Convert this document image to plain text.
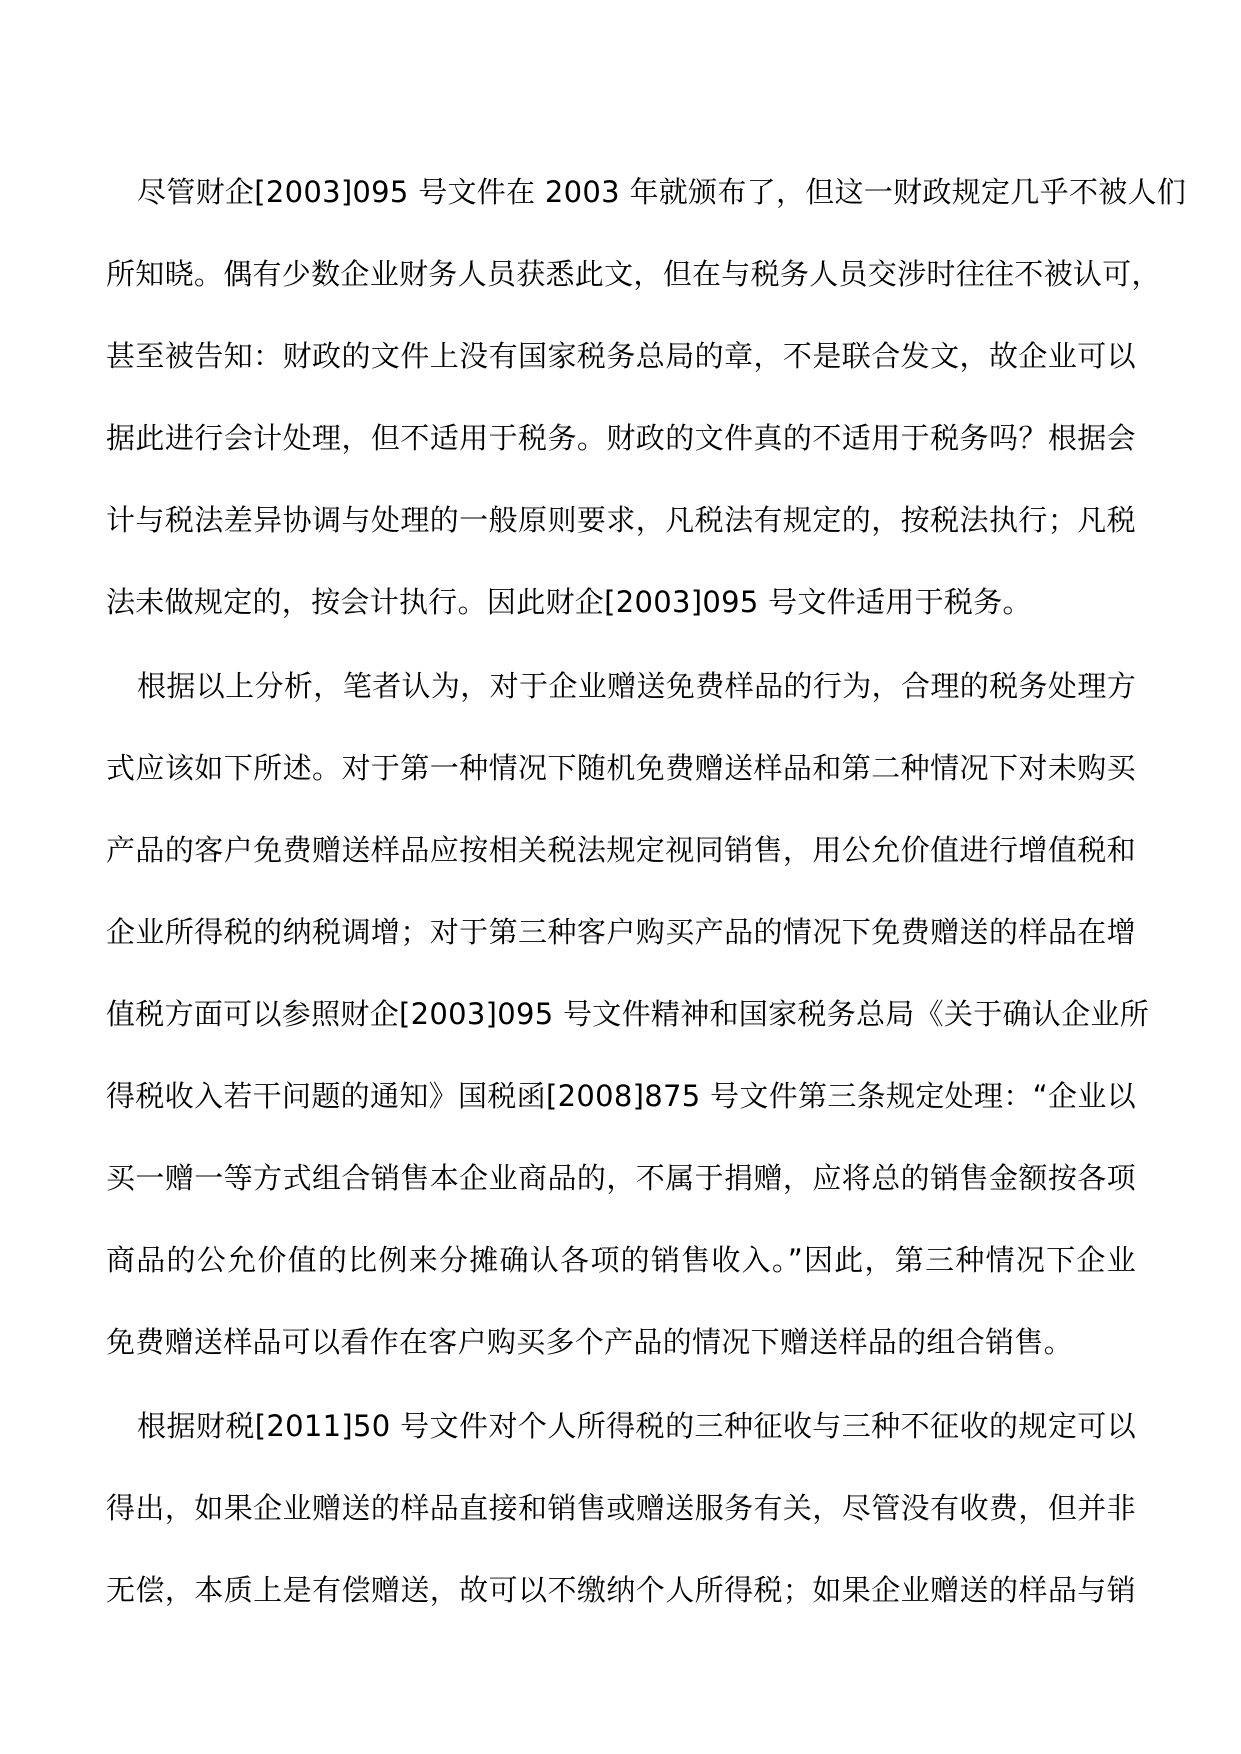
尽管财企[2003]095 号文件在 2003 年就颁布了，但这一财政规定几乎不被人们
所知晓。偶有少数企业财务人员获悉此文，但在与税务人员交涉时往往不被认可，
甚至被告知：财政的文件上没有国家税务总局的章，不是联合发文，故企业可以
据此进行会计处理，但不适用于税务。财政的文件真的不适用于税务吗？根据会
计与税法差异协调与处理的一般原则要求，凡税法有规定的，按税法执行；凡税
法未做规定的，按会计执行。因此财企[2003]095 号文件适用于税务。
根据以上分析，笔者认为，对于企业赠送免费样品的行为，合理的税务处理方
式应该如下所述。对于第一种情况下随机免费赠送样品和第二种情况下对未购买
产品的客户免费赠送样品应按相关税法规定视同销售，用公允价值进行增值税和
企业所得税的纳税调增；对于第三种客户购买产品的情况下免费赠送的样品在增
值税方面可以参照财企[2003]095 号文件精神和国家税务总局《关于确认企业所
得税收入若干问题的通知》国税函[2008]875 号文件第三条规定处理：“企业以
买一赠一等方式组合销售本企业商品的，不属于捐赠，应将总的销售金额按各项
商品的公允价值的比例来分摊确认各项的销售收入。”因此，第三种情况下企业
免费赠送样品可以看作在客户购买多个产品的情况下赠送样品的组合销售。
根据财税[2011]50 号文件对个人所得税的三种征收与三种不征收的规定可以
得出，如果企业赠送的样品直接和销售或赠送服务有关，尽管没有收费，但并非
无偿，本质上是有偿赠送，故可以不缴纳个人所得税；如果企业赠送的样品与销
